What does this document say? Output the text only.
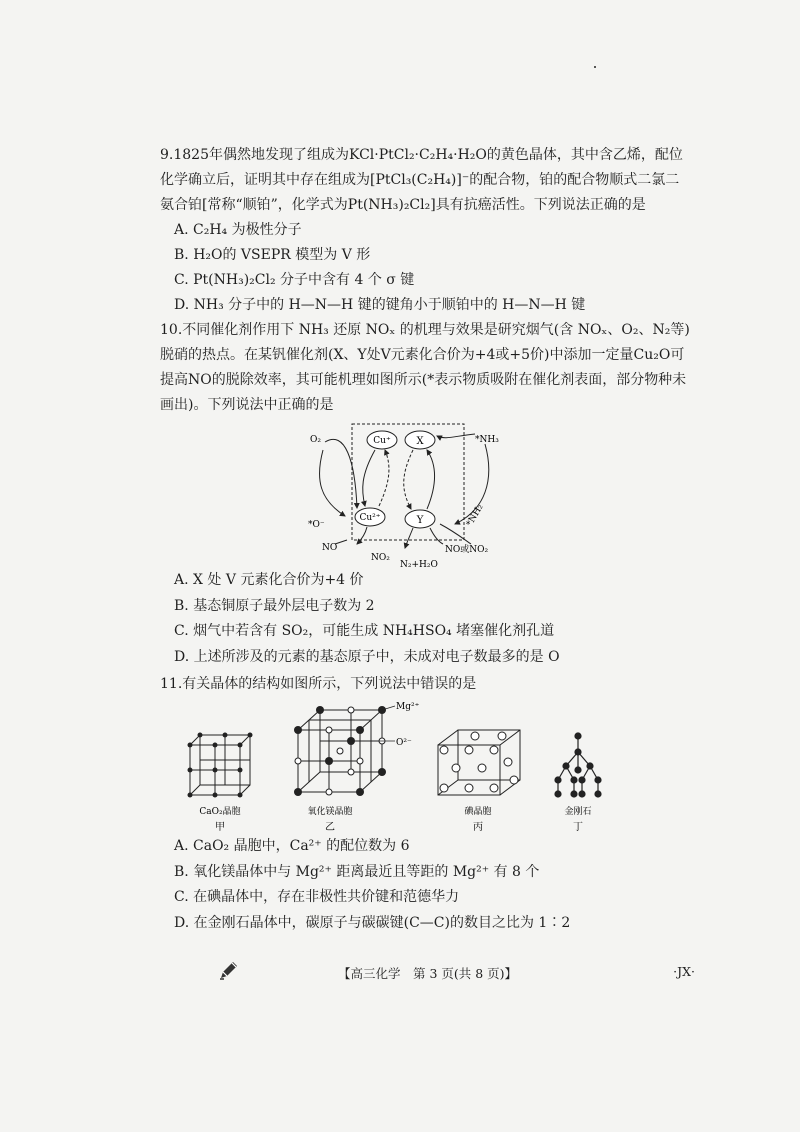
9.1825年偶然地发现了组成为KCl·PtCl₂·C₂H₄·H₂O的黄色晶体，其中含乙烯，配位化学确立后，证明其中存在组成为[PtCl₃(C₂H₄)]⁻的配合物，铂的配合物顺式二氯二氨合铂[常称“顺铂”，化学式为Pt(NH₃)₂Cl₂]具有抗癌活性。下列说法正确的是
A. C₂H₄ 为极性分子
B. H₂O的 VSEPR 模型为 V 形
C. Pt(NH₃)₂Cl₂ 分子中含有 4 个 σ 键
D. NH₃ 分子中的 H—N—H 键的键角小于顺铂中的 H—N—H 键
10.不同催化剂作用下 NH₃ 还原 NOₓ 的机理与效果是研究烟气(含 NOₓ、O₂、N₂等)脱硝的热点。在某钒催化剂(X、Y处V元素化合价为+4或+5价)中添加一定量Cu₂O可提高NO的脱除效率，其可能机理如图所示(*表示物质吸附在催化剂表面，部分物种未画出)。下列说法中正确的是
Cu⁺	X
Cu²⁺	Y
O₂	*NH₃
*O⁻	*NH₂
NO
NO₂
N₂+H₂O
NO或NO₂
A. X 处 V 元素化合价为+4 价
B. 基态铜原子最外层电子数为 2
C. 烟气中若含有 SO₂，可能生成 NH₄HSO₄ 堵塞催化剂孔道
D. 上述所涉及的元素的基态原子中，未成对电子数最多的是 O
11.有关晶体的结构如图所示，下列说法中错误的是
CaO₂晶胞
甲
Mg²⁺
O²⁻
氧化镁晶胞
乙
碘晶胞
丙
金刚石
丁
A. CaO₂ 晶胞中，Ca²⁺ 的配位数为 6
B. 氧化镁晶体中与 Mg²⁺ 距离最近且等距的 Mg²⁺ 有 8 个
C. 在碘晶体中，存在非极性共价键和范德华力
D. 在金刚石晶体中，碳原子与碳碳键(C—C)的数目之比为 1∶2
【高三化学　第 3 页(共 8 页)】	·JX·
